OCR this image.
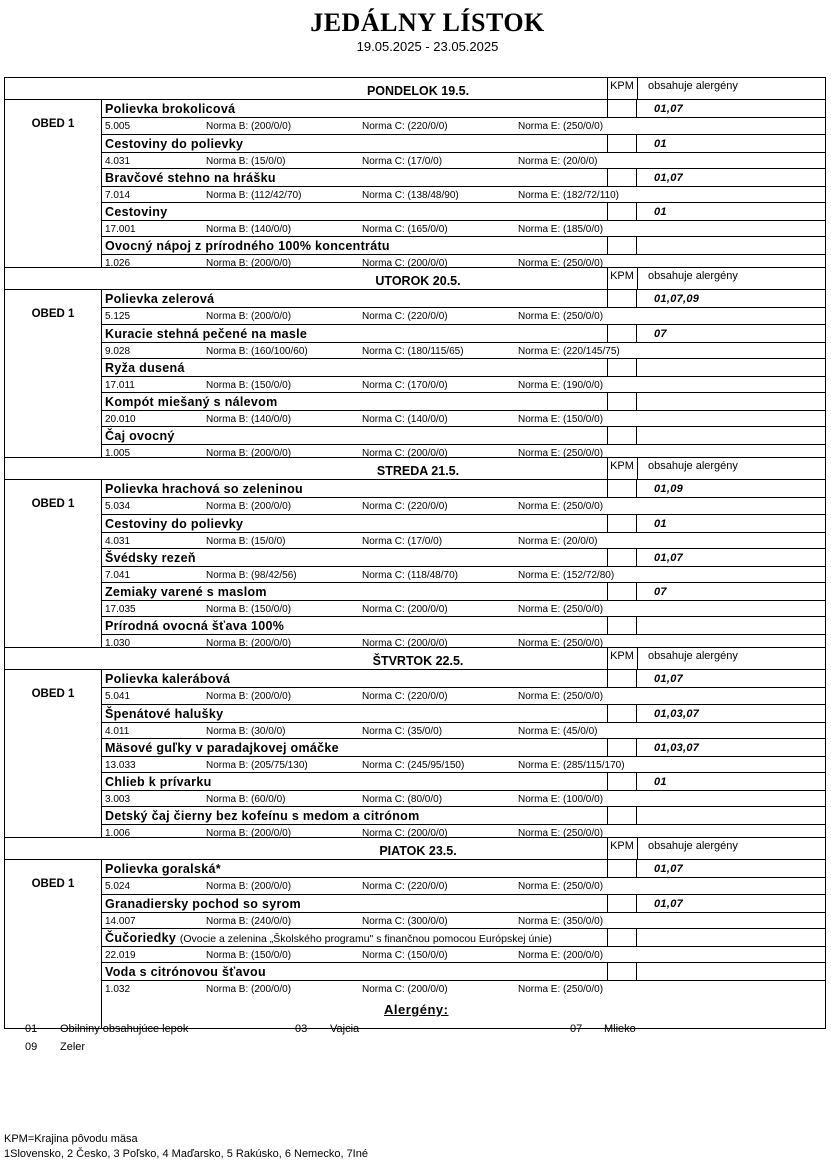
JEDÁLNY LÍSTOK
19.05.2025 - 23.05.2025
PONDELOK 19.5.	KPM obsahuje alergény
OBED 1
Polievka brokolicová	01,07
5.005	Norma B: (200/0/0)	Norma C: (220/0/0)	Norma E: (250/0/0)
Cestoviny do polievky	01
4.031	Norma B: (15/0/0)	Norma C: (17/0/0)	Norma E: (20/0/0)
Bravčové stehno na hrášku	01,07
7.014	Norma B: (112/42/70)	Norma C: (138/48/90)	Norma E: (182/72/110)
Cestoviny	01
17.001	Norma B: (140/0/0)	Norma C: (165/0/0)	Norma E: (185/0/0)
Ovocný nápoj z prírodného 100% koncentrátu
1.026	Norma B: (200/0/0)	Norma C: (200/0/0)	Norma E: (250/0/0)
UTOROK 20.5.	KPM obsahuje alergény
OBED 1
Polievka zelerová	01,07,09
5.125	Norma B: (200/0/0)	Norma C: (220/0/0)	Norma E: (250/0/0)
Kuracie stehná pečené na masle	07
9.028	Norma B: (160/100/60)	Norma C: (180/115/65)	Norma E: (220/145/75)
Ryža dusená
17.011	Norma B: (150/0/0)	Norma C: (170/0/0)	Norma E: (190/0/0)
Kompót miešaný s nálevom
20.010	Norma B: (140/0/0)	Norma C: (140/0/0)	Norma E: (150/0/0)
Čaj ovocný
1.005	Norma B: (200/0/0)	Norma C: (200/0/0)	Norma E: (250/0/0)
STREDA 21.5.	KPM obsahuje alergény
OBED 1
Polievka hrachová so zeleninou	01,09
5.034	Norma B: (200/0/0)	Norma C: (220/0/0)	Norma E: (250/0/0)
Cestoviny do polievky	01
4.031	Norma B: (15/0/0)	Norma C: (17/0/0)	Norma E: (20/0/0)
Švédsky rezeň	01,07
7.041	Norma B: (98/42/56)	Norma C: (118/48/70)	Norma E: (152/72/80)
Zemiaky varené s maslom	07
17.035	Norma B: (150/0/0)	Norma C: (200/0/0)	Norma E: (250/0/0)
Prírodná ovocná šťava 100%
1.030	Norma B: (200/0/0)	Norma C: (200/0/0)	Norma E: (250/0/0)
ŠTVRTOK 22.5.	KPM obsahuje alergény
OBED 1
Polievka kalerábová	01,07
5.041	Norma B: (200/0/0)	Norma C: (220/0/0)	Norma E: (250/0/0)
Špenátové halušky	01,03,07
4.011	Norma B: (30/0/0)	Norma C: (35/0/0)	Norma E: (45/0/0)
Mäsové guľky v paradajkovej omáčke	01,03,07
13.033	Norma B: (205/75/130)	Norma C: (245/95/150)	Norma E: (285/115/170)
Chlieb k prívarku	01
3.003	Norma B: (60/0/0)	Norma C: (80/0/0)	Norma E: (100/0/0)
Detský čaj čierny bez kofeínu s medom a citrónom
1.006	Norma B: (200/0/0)	Norma C: (200/0/0)	Norma E: (250/0/0)
PIATOK 23.5.	KPM obsahuje alergény
OBED 1
Polievka goralská*	01,07
5.024	Norma B: (200/0/0)	Norma C: (220/0/0)	Norma E: (250/0/0)
Granadiersky pochod so syrom	01,07
14.007	Norma B: (240/0/0)	Norma C: (300/0/0)	Norma E: (350/0/0)
Čučoriedky (Ovocie a zelenina „Školského programu" s finančnou pomocou Európskej únie)
22.019	Norma B: (150/0/0)	Norma C: (150/0/0)	Norma E: (200/0/0)
Voda s citrónovou šťavou
1.032	Norma B: (200/0/0)	Norma C: (200/0/0)	Norma E: (250/0/0)
Alergény:
01 Obilniny obsahujúce lepok	03 Vajcia	07 Mlieko
09 Zeler
KPM=Krajina pôvodu mäsa
1Slovensko, 2 Česko, 3 Poľsko, 4 Maďarsko, 5 Rakúsko, 6 Nemecko, 7Iné
